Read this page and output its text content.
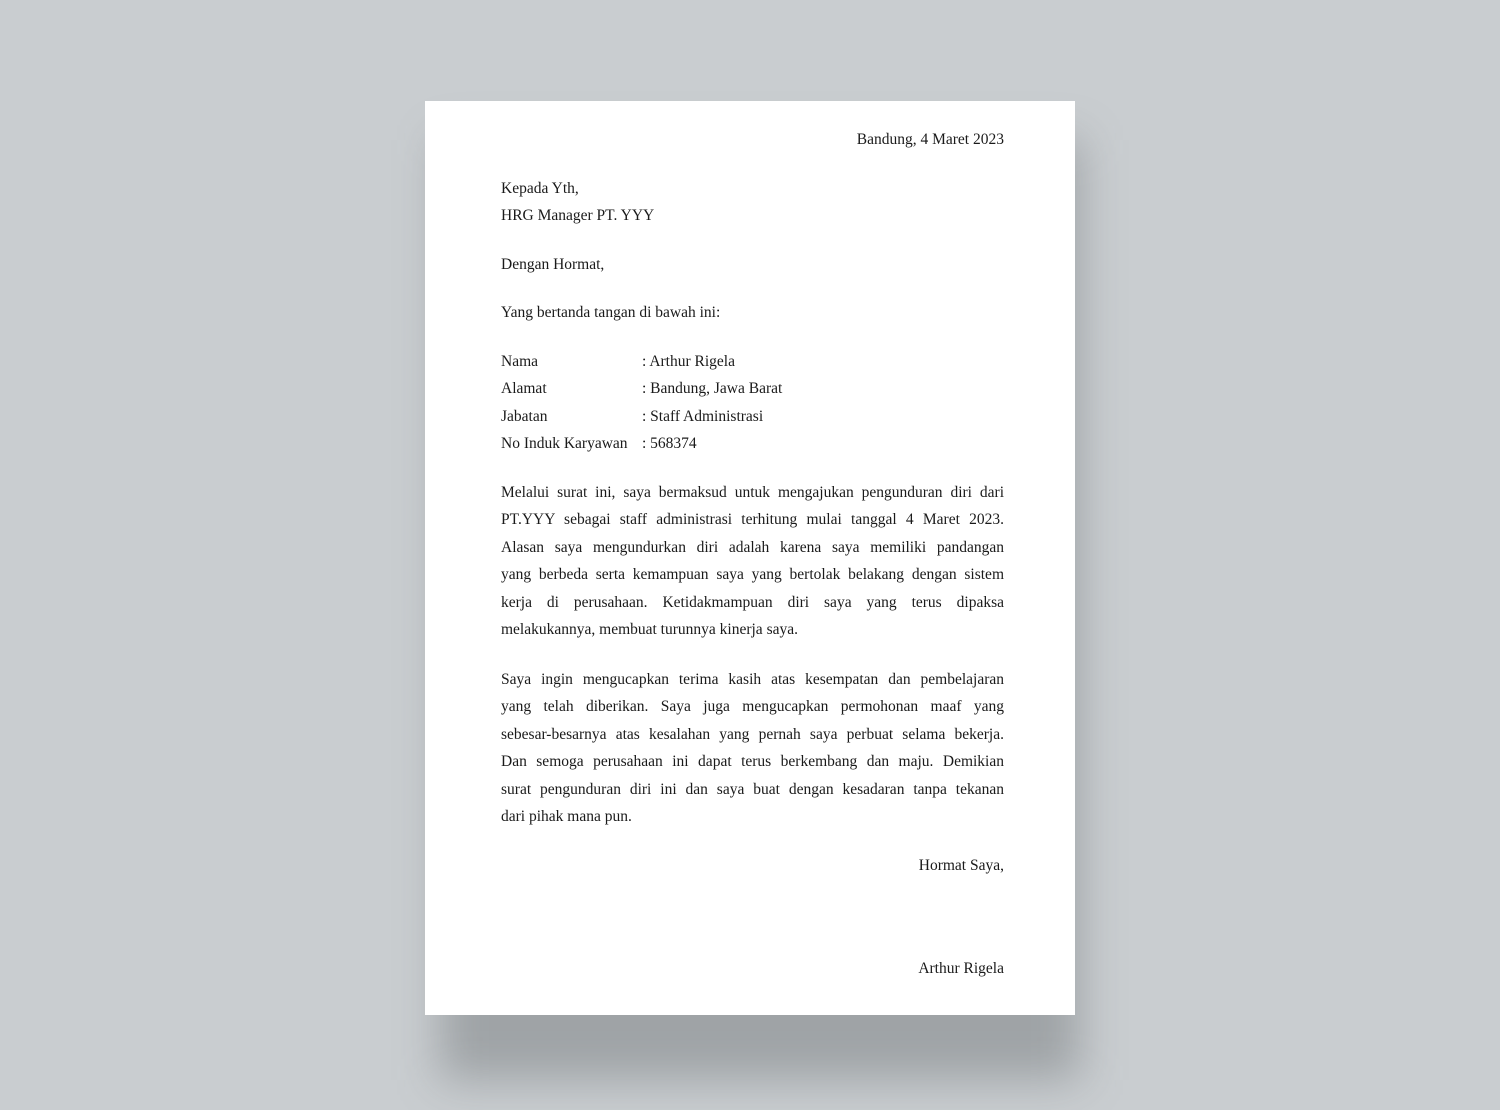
Bandung, 4 Maret 2023
Kepada Yth,
HRG Manager PT. YYY
Dengan Hormat,
Yang bertanda tangan di bawah ini:
Nama	: Arthur Rigela
Alamat	: Bandung, Jawa Barat
Jabatan	: Staff Administrasi
No Induk Karyawan : 568374
Melalui surat ini, saya bermaksud untuk mengajukan pengunduran diri dari
PT.YYY sebagai staff administrasi terhitung mulai tanggal 4 Maret 2023.
Alasan saya mengundurkan diri adalah karena saya memiliki pandangan
yang berbeda serta kemampuan saya yang bertolak belakang dengan sistem
kerja di perusahaan. Ketidakmampuan diri saya yang terus dipaksa
melakukannya, membuat turunnya kinerja saya.
Saya ingin mengucapkan terima kasih atas kesempatan dan pembelajaran
yang telah diberikan. Saya juga mengucapkan permohonan maaf yang
sebesar-besarnya atas kesalahan yang pernah saya perbuat selama bekerja.
Dan semoga perusahaan ini dapat terus berkembang dan maju. Demikian
surat pengunduran diri ini dan saya buat dengan kesadaran tanpa tekanan
dari pihak mana pun.
Hormat Saya,
Arthur Rigela
